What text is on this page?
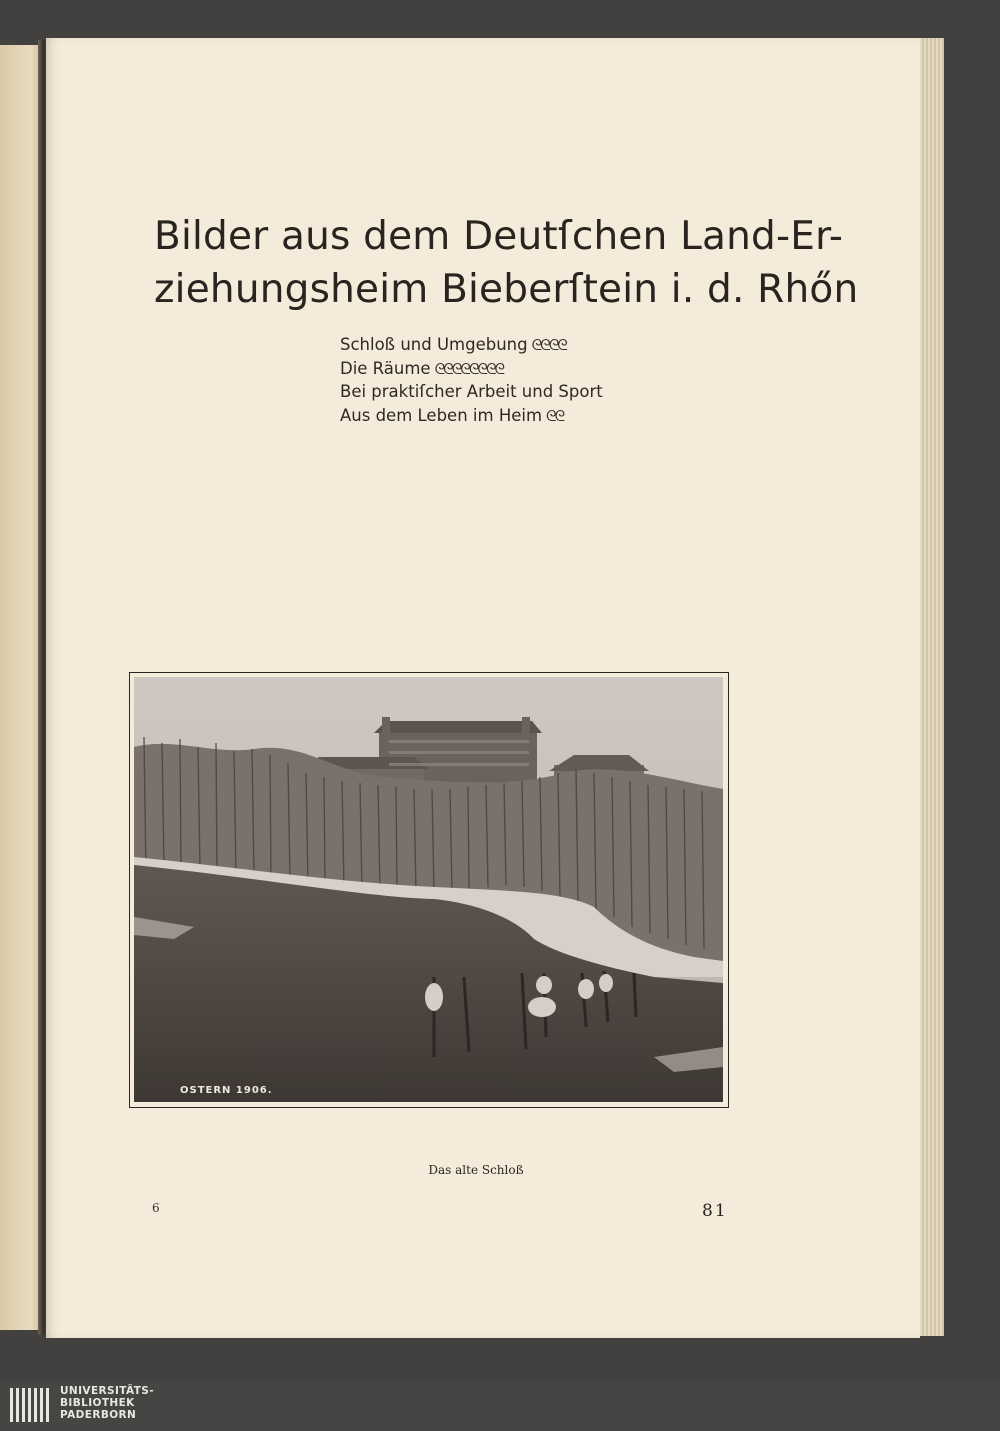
Bilder aus dem Deutſchen Land-Er-
ziehungsheim Bieberſtein i. d. Rhőn
Schloß und Umgebung ᘓᘓᘓᘓ
Die Räume ᘓᘓᘓᘓᘓᘓᘓᘓ
Bei praktiſcher Arbeit und Sport
Aus dem Leben im Heim ᘓᘓ
OSTERN 1906.
Das alte Schloß
6	81
UNIVERSITÄTS-
BIBLIOTHEK
PADERBORN
